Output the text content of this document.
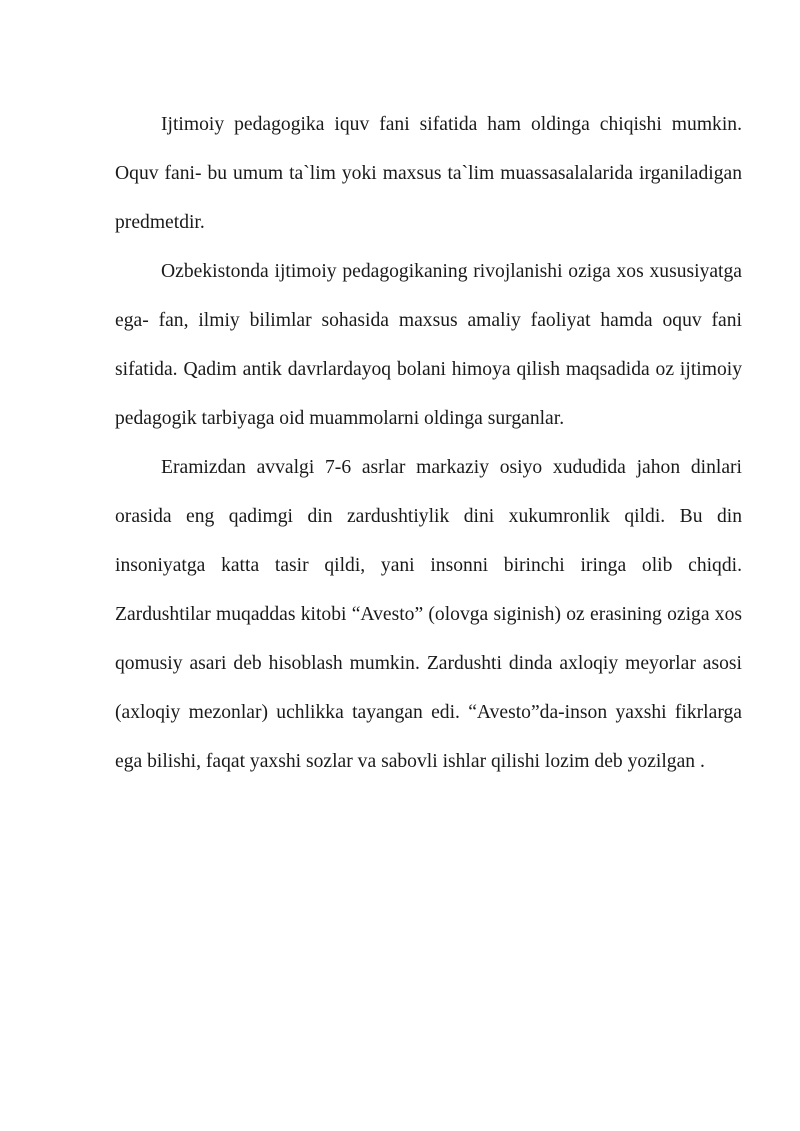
Ijtimoiy pedagogika iquv fani sifatida ham oldinga chiqishi mumkin. Oquv fani- bu umum ta`lim yoki maxsus ta`lim muassasalalarida irganiladigan predmetdir.

Ozbekistonda ijtimoiy pedagogikaning rivojlanishi oziga xos xususiyatga ega- fan, ilmiy bilimlar sohasida maxsus amaliy faoliyat hamda oquv fani sifatida. Qadim antik davrlardayoq bolani himoya qilish maqsadida oz ijtimoiy pedagogik tarbiyaga oid muammolarni oldinga surganlar.

Eramizdan avvalgi 7-6 asrlar markaziy osiyo xududida jahon dinlari orasida eng qadimgi din zardushtiylik dini xukumronlik qildi. Bu din insoniyatga katta tasir qildi, yani insonni birinchi iringa olib chiqdi. Zardushtilar muqaddas kitobi “Avesto” (olovga siginish) oz erasining oziga xos qomusiy asari deb hisoblash mumkin. Zardushti dinda axloqiy meyorlar asosi (axloqiy mezonlar) uchlikka tayangan edi. “Avesto”da-inson yaxshi fikrlarga ega bilishi, faqat yaxshi sozlar va sabovli ishlar qilishi lozim deb yozilgan .
